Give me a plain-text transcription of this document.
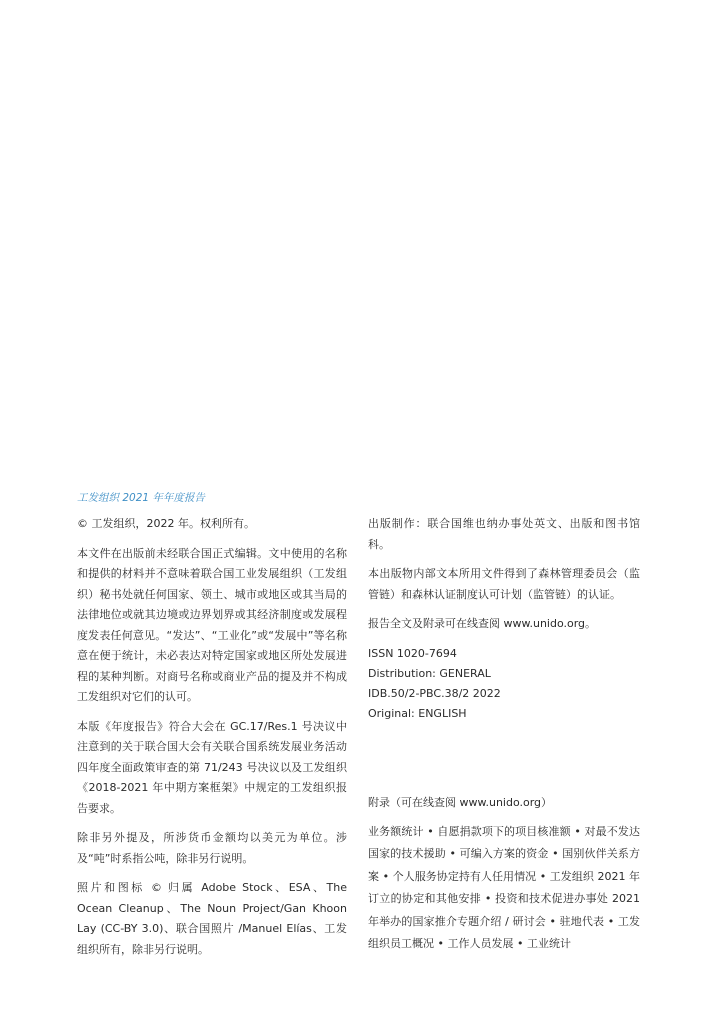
工发组织 2021 年年度报告

© 工发组织，2022 年。权利所有。

本文件在出版前未经联合国正式编辑。文中使用的名称和提供的材料并不意味着联合国工业发展组织（工发组织）秘书处就任何国家、领土、城市或地区或其当局的法律地位或就其边境或边界划界或其经济制度或发展程度发表任何意见。“发达”、“工业化”或“发展中”等名称意在便于统计，未必表达对特定国家或地区所处发展进程的某种判断。对商号名称或商业产品的提及并不构成工发组织对它们的认可。

本版《年度报告》符合大会在 GC.17/Res.1 号决议中注意到的关于联合国大会有关联合国系统发展业务活动四年度全面政策审查的第 71/243 号决议以及工发组织《2018-2021 年中期方案框架》中规定的工发组织报告要求。

除非另外提及，所涉货币金额均以美元为单位。涉及“吨”时系指公吨，除非另行说明。

照片和图标 © 归属 Adobe Stock、ESA、The Ocean Cleanup、The Noun Project/Gan Khoon Lay (CC-BY 3.0)、联合国照片 /Manuel Elías、工发组织所有，除非另行说明。

出版制作：联合国维也纳办事处英文、出版和图书馆科。

本出版物内部文本所用文件得到了森林管理委员会（监管链）和森林认证制度认可计划（监管链）的认证。

报告全文及附录可在线查阅 www.unido.org。

ISSN 1020-7694
Distribution: GENERAL
IDB.50/2-PBC.38/2 2022
Original: ENGLISH
附录（可在线查阅 www.unido.org）
业务额统计 • 自愿捐款项下的项目核准额 • 对最不发达国家的技术援助 • 可编入方案的资金 • 国别伙伴关系方案 • 个人服务协定持有人任用情况 • 工发组织 2021 年订立的协定和其他安排 • 投资和技术促进办事处 2021 年举办的国家推介专题介绍 / 研讨会 • 驻地代表 • 工发组织员工概况 • 工作人员发展 • 工业统计
